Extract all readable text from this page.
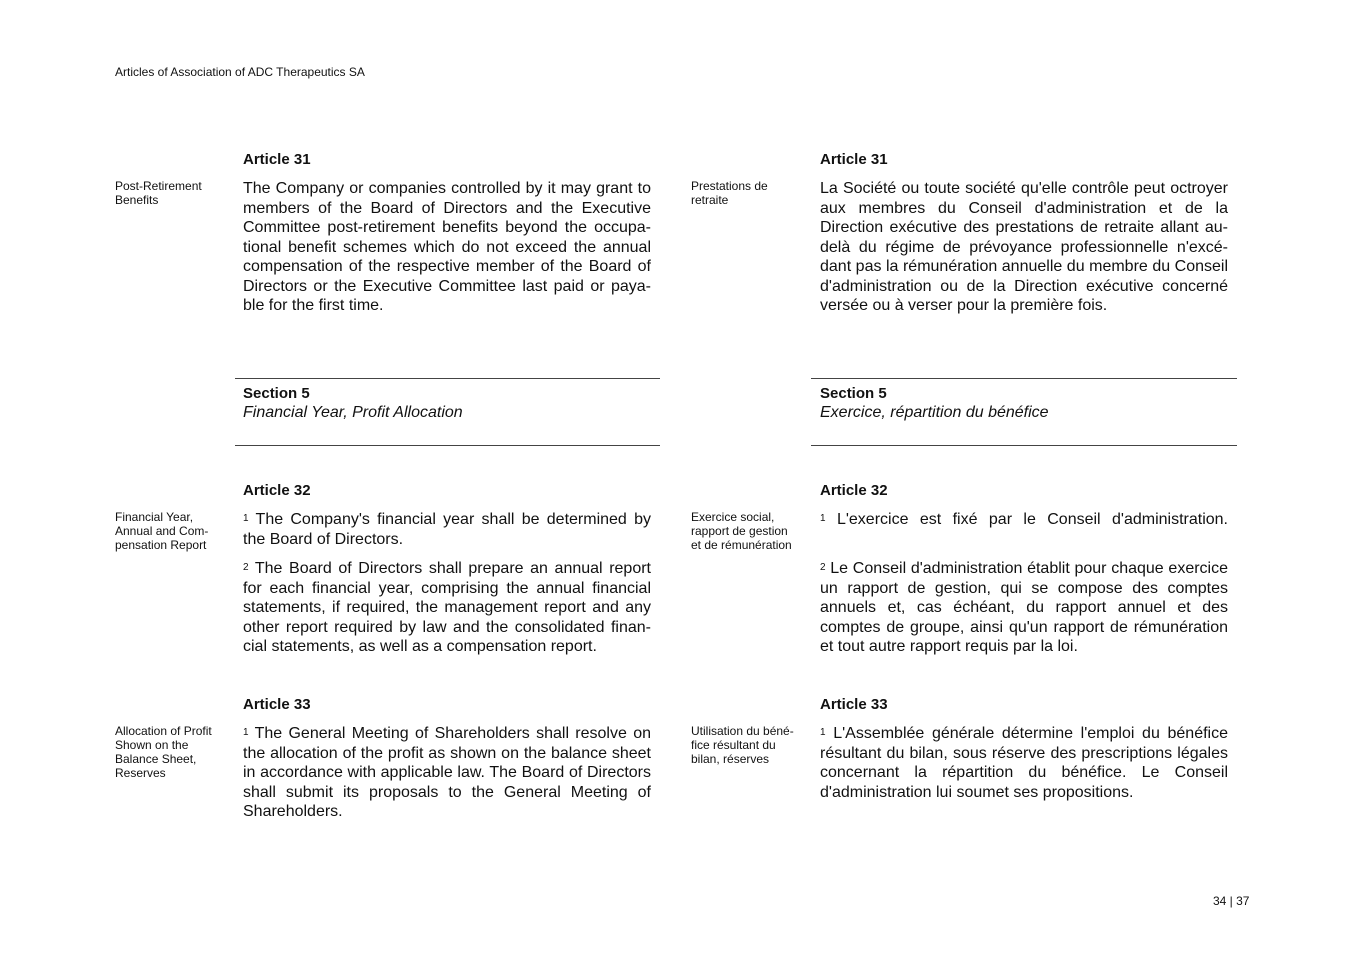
Articles of Association of ADC Therapeutics SA
Article 31
Post-Retirement Benefits
The Company or companies controlled by it may grant to members of the Board of Directors and the Executive Committee post-retirement benefits beyond the occupational benefit schemes which do not exceed the annual compensation of the respective member of the Board of Directors or the Executive Committee last paid or payable for the first time.
Article 31
Prestations de retraite
La Société ou toute société qu'elle contrôle peut octroyer aux membres du Conseil d'administration et de la Direction exécutive des prestations de retraite allant au-delà du régime de prévoyance professionnelle n'excédant pas la rémunération annuelle du membre du Conseil d'administration ou de la Direction exécutive concerné versée ou à verser pour la première fois.
Section 5
Financial Year, Profit Allocation
Section 5
Exercice, répartition du bénéfice
Article 32
Financial Year, Annual and Compensation Report
$^1$ The Company's financial year shall be determined by the Board of Directors.
$^2$ The Board of Directors shall prepare an annual report for each financial year, comprising the annual financial statements, if required, the management report and any other report required by law and the consolidated financial statements, as well as a compensation report.
Article 32
Exercice social, rapport de gestion et de rémunération
$^1$ L'exercice est fixé par le Conseil d'administration.
$^2$ Le Conseil d'administration établit pour chaque exercice un rapport de gestion, qui se compose des comptes annuels et, cas échéant, du rapport annuel et des comptes de groupe, ainsi qu'un rapport de rémunération et tout autre rapport requis par la loi.
Article 33
Allocation of Profit Shown on the Balance Sheet, Reserves
$^1$ The General Meeting of Shareholders shall resolve on the allocation of the profit as shown on the balance sheet in accordance with applicable law. The Board of Directors shall submit its proposals to the General Meeting of Shareholders.
Article 33
Utilisation du bénéfice résultant du bilan, réserves
$^1$ L'Assemblée générale détermine l'emploi du bénéfice résultant du bilan, sous réserve des prescriptions légales concernant la répartition du bénéfice. Le Conseil d'administration lui soumet ses propositions.
34 | 37
